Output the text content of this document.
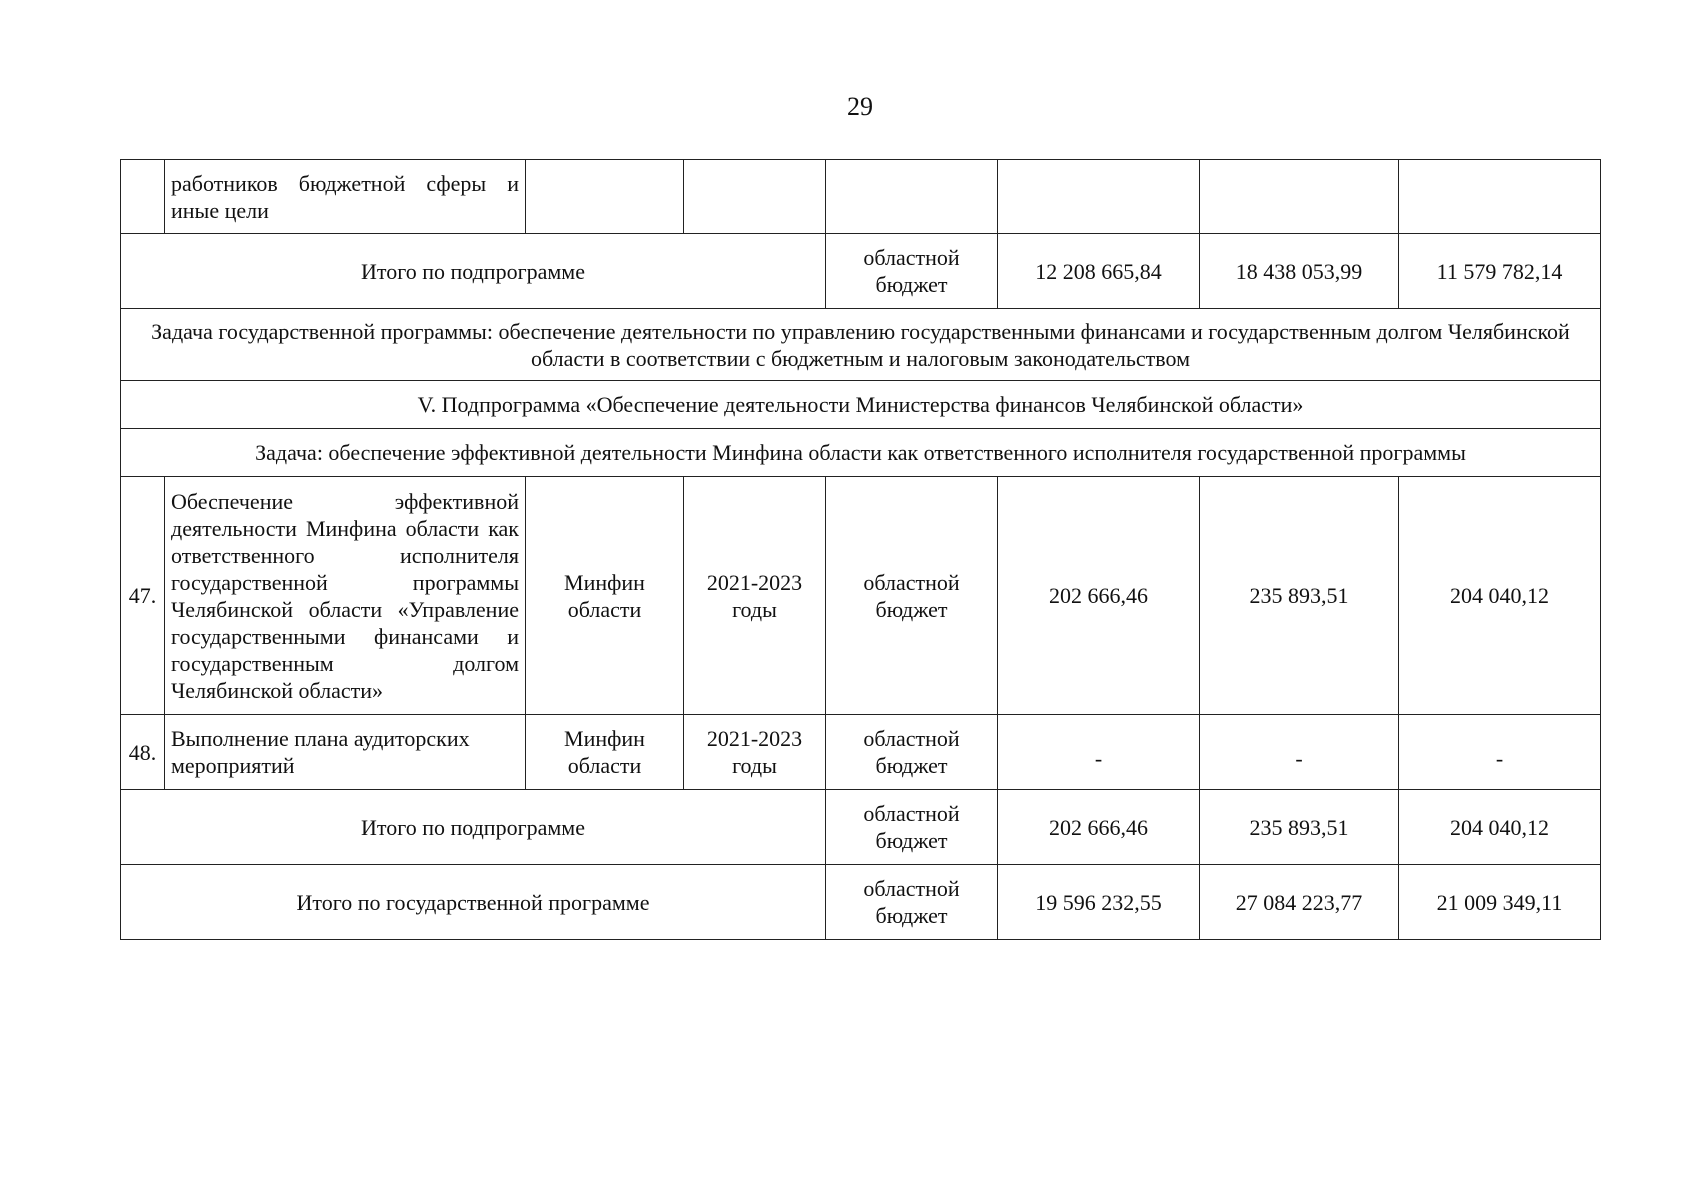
29
	работников бюджетной сферы и иные цели						
Итого по подпрограмме				областной бюджет	12 208 665,84	18 438 053,99	11 579 782,14
Задача государственной программы: обеспечение деятельности по управлению государственными финансами и государственным долгом Челябинской области в соответствии с бюджетным и налоговым законодательством							
V. Подпрограмма «Обеспечение деятельности Министерства финансов Челябинской области»							
Задача: обеспечение эффективной деятельности Минфина области как ответственного исполнителя государственной программы							
47.	Обеспечение эффективной деятельности Минфина области как ответственного исполнителя государственной программы Челябинской области «Управление государственными финансами и государственным долгом Челябинской области»	Минфин области	2021-2023 годы	областной бюджет	202 666,46	235 893,51	204 040,12
48.	Выполнение плана аудиторских мероприятий	Минфин области	2021-2023 годы	областной бюджет	-	-	-
Итого по подпрограмме				областной бюджет	202 666,46	235 893,51	204 040,12
Итого по государственной программе				областной бюджет	19 596 232,55	27 084 223,77	21 009 349,11
